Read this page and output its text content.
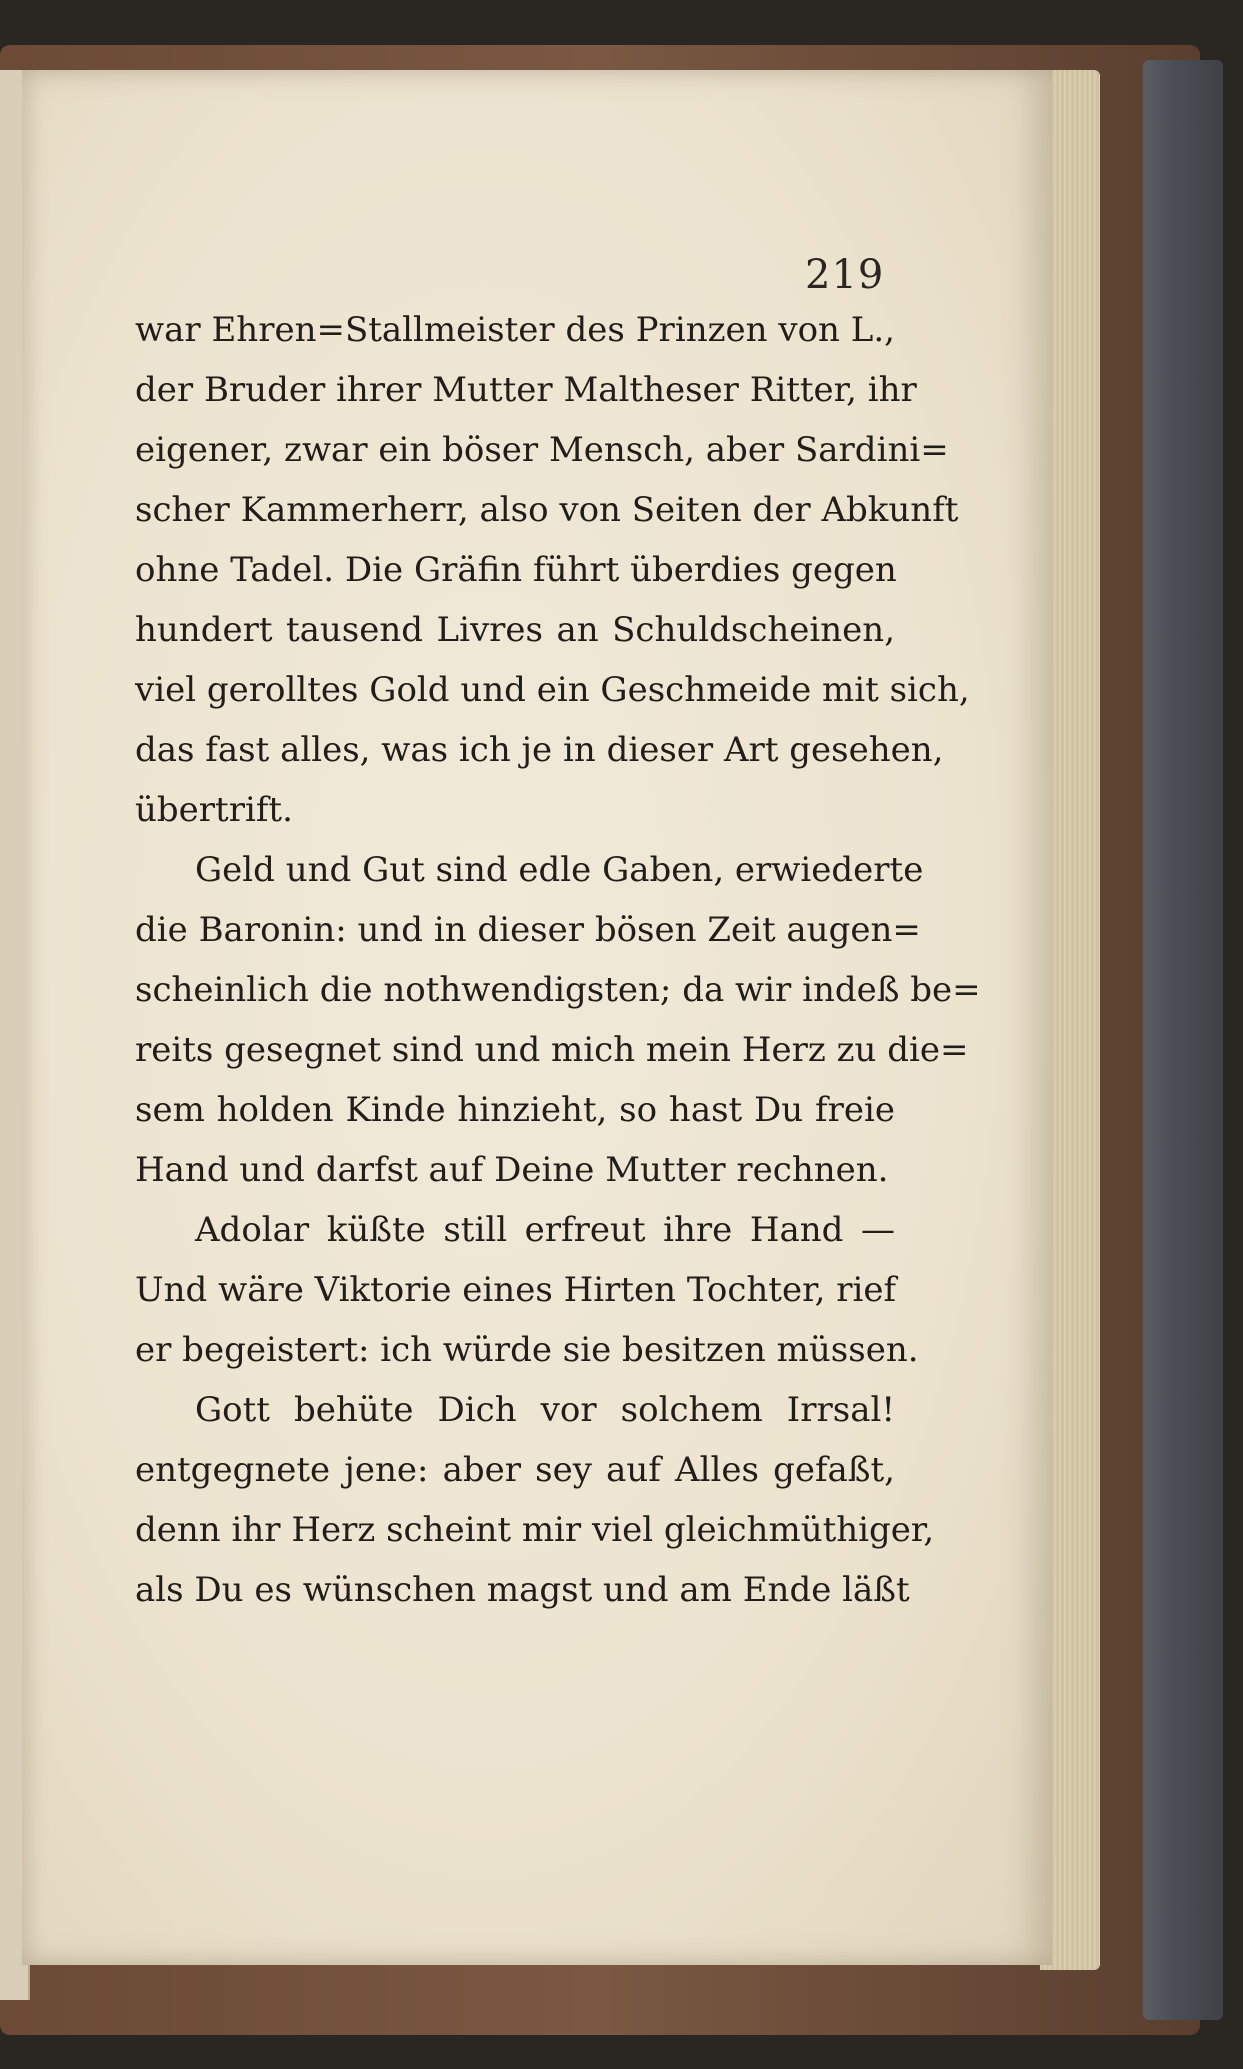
219
war Ehren=Stallmeister des Prinzen von L.,
der Bruder ihrer Mutter Maltheser Ritter, ihr
eigener, zwar ein böser Mensch, aber Sardini=
scher Kammerherr, also von Seiten der Abkunft
ohne Tadel. Die Gräfin führt überdies gegen
hundert tausend Livres an Schuldscheinen,
viel gerolltes Gold und ein Geschmeide mit sich,
das fast alles, was ich je in dieser Art gesehen,
übertrift.
Geld und Gut sind edle Gaben, erwiederte
die Baronin: und in dieser bösen Zeit augen=
scheinlich die nothwendigsten; da wir indeß be=
reits gesegnet sind und mich mein Herz zu die=
sem holden Kinde hinzieht, so hast Du freie
Hand und darfst auf Deine Mutter rechnen.
Adolar küßte still erfreut ihre Hand —
Und wäre Viktorie eines Hirten Tochter, rief
er begeistert: ich würde sie besitzen müssen.
Gott behüte Dich vor solchem Irrsal!
entgegnete jene: aber sey auf Alles gefaßt,
denn ihr Herz scheint mir viel gleichmüthiger,
als Du es wünschen magst und am Ende läßt
